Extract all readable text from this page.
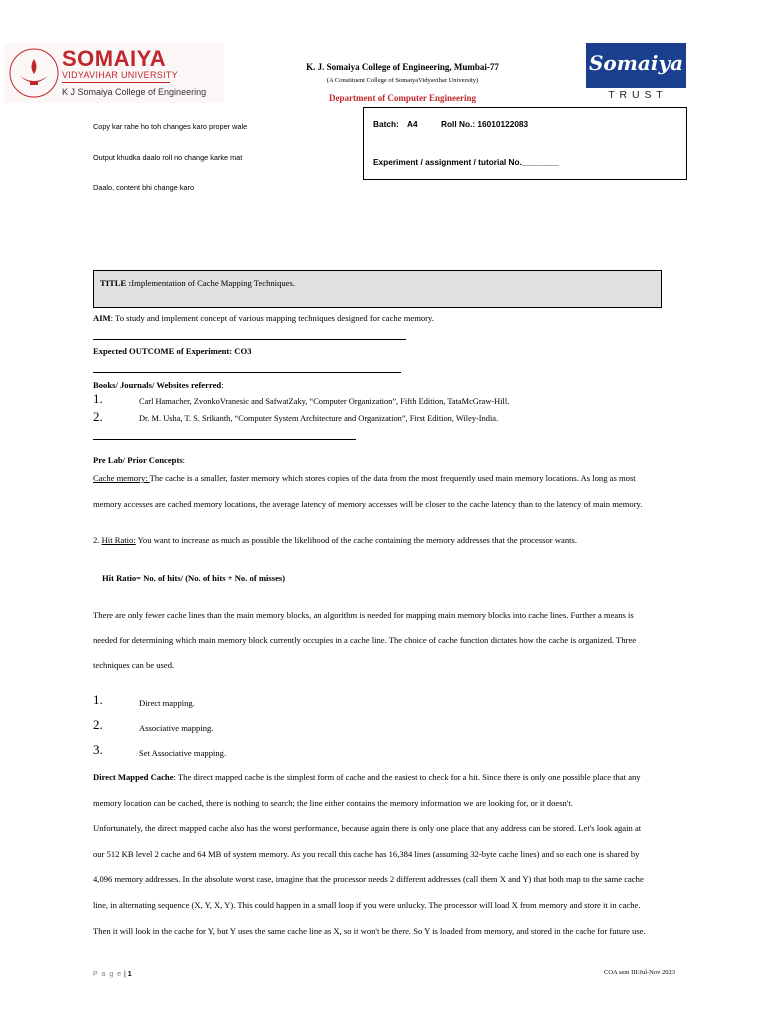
SOMAIYA
VIDYAVIHAR UNIVERSITY
K J Somaiya College of Engineering
K. J. Somaiya College of Engineering, Mumbai-77
(A Constituent College of SomaiyaVidyavihar University)
Department of Computer Engineering
Somaiya
T R U S T
Copy kar rahe ho toh changes karo proper wale
Output khudka daalo roll no change karke mat
Daalo, content bhi change karo
Batch: A4	Roll No.: 16010122083
Experiment / assignment / tutorial No.________
TITLE :Implementation of Cache Mapping Techniques.
AIM: To study and implement concept of various mapping techniques designed for cache memory.
Expected OUTCOME of Experiment: CO3
Books/ Journals/ Websites referred:
1.	Carl Hamacher, ZvonkoVranesic and SafwatZaky, “Computer Organization”, Fifth Edition, TataMcGraw-Hill.
2.	Dr. M. Usha, T. S. Srikanth, “Computer System Architecture and Organization”, First Edition, Wiley-India.
Pre Lab/ Prior Concepts:
Cache memory: The cache is a smaller, faster memory which stores copies of the data from the most frequently used main memory locations. As long as most
memory accesses are cached memory locations, the average latency of memory accesses will be closer to the cache latency than to the latency of main memory.
2. Hit Ratio: You want to increase as much as possible the likelihood of the cache containing the memory addresses that the processor wants.
Hit Ratio= No. of hits/ (No. of hits + No. of misses)
There are only fewer cache lines than the main memory blocks, an algorithm is needed for mapping main memory blocks into cache lines. Further a means is
needed for determining which main memory block currently occupies in a cache line. The choice of cache function dictates how the cache is organized. Three
techniques can be used.
1.	Direct mapping.
2.	Associative mapping.
3.	Set Associative mapping.
Direct Mapped Cache: The direct mapped cache is the simplest form of cache and the easiest to check for a hit. Since there is only one possible place that any
memory location can be cached, there is nothing to search; the line either contains the memory information we are looking for, or it doesn't.
Unfortunately, the direct mapped cache also has the worst performance, because again there is only one place that any address can be stored. Let's look again at
our 512 KB level 2 cache and 64 MB of system memory. As you recall this cache has 16,384 lines (assuming 32-byte cache lines) and so each one is shared by
4,096 memory addresses. In the absolute worst case, imagine that the processor needs 2 different addresses (call them X and Y) that both map to the same cache
line, in alternating sequence (X, Y, X, Y). This could happen in a small loop if you were unlucky. The processor will load X from memory and store it in cache.
Then it will look in the cache for Y, but Y uses the same cache line as X, so it won't be there. So Y is loaded from memory, and stored in the cache for future use.
P a g e | 1	COA sem III/Jul-Nov 2023
